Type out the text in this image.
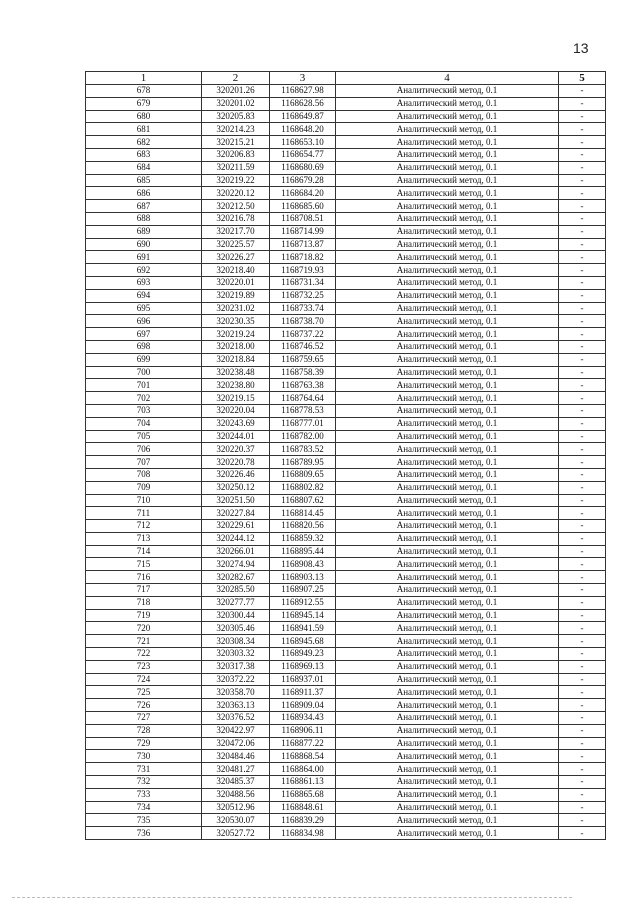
13
1	2	3	4	5
678	320201.26	1168627.98	Аналитический метод, 0.1	-
679	320201.02	1168628.56	Аналитический метод, 0.1	-
680	320205.83	1168649.87	Аналитический метод, 0.1	-
681	320214.23	1168648.20	Аналитический метод, 0.1	-
682	320215.21	1168653.10	Аналитический метод, 0.1	-
683	320206.83	1168654.77	Аналитический метод, 0.1	-
684	320211.59	1168680.69	Аналитический метод, 0.1	-
685	320219.22	1168679.28	Аналитический метод, 0.1	-
686	320220.12	1168684.20	Аналитический метод, 0.1	-
687	320212.50	1168685.60	Аналитический метод, 0.1	-
688	320216.78	1168708.51	Аналитический метод, 0.1	-
689	320217.70	1168714.99	Аналитический метод, 0.1	-
690	320225.57	1168713.87	Аналитический метод, 0.1	-
691	320226.27	1168718.82	Аналитический метод, 0.1	-
692	320218.40	1168719.93	Аналитический метод, 0.1	-
693	320220.01	1168731.34	Аналитический метод, 0.1	-
694	320219.89	1168732.25	Аналитический метод, 0.1	-
695	320231.02	1168733.74	Аналитический метод, 0.1	-
696	320230.35	1168738.70	Аналитический метод, 0.1	-
697	320219.24	1168737.22	Аналитический метод, 0.1	-
698	320218.00	1168746.52	Аналитический метод, 0.1	-
699	320218.84	1168759.65	Аналитический метод, 0.1	-
700	320238.48	1168758.39	Аналитический метод, 0.1	-
701	320238.80	1168763.38	Аналитический метод, 0.1	-
702	320219.15	1168764.64	Аналитический метод, 0.1	-
703	320220.04	1168778.53	Аналитический метод, 0.1	-
704	320243.69	1168777.01	Аналитический метод, 0.1	-
705	320244.01	1168782.00	Аналитический метод, 0.1	-
706	320220.37	1168783.52	Аналитический метод, 0.1	-
707	320220.78	1168789.95	Аналитический метод, 0.1	-
708	320226.46	1168809.65	Аналитический метод, 0.1	-
709	320250.12	1168802.82	Аналитический метод, 0.1	-
710	320251.50	1168807.62	Аналитический метод, 0.1	-
711	320227.84	1168814.45	Аналитический метод, 0.1	-
712	320229.61	1168820.56	Аналитический метод, 0.1	-
713	320244.12	1168859.32	Аналитический метод, 0.1	-
714	320266.01	1168895.44	Аналитический метод, 0.1	-
715	320274.94	1168908.43	Аналитический метод, 0.1	-
716	320282.67	1168903.13	Аналитический метод, 0.1	-
717	320285.50	1168907.25	Аналитический метод, 0.1	-
718	320277.77	1168912.55	Аналитический метод, 0.1	-
719	320300.44	1168945.14	Аналитический метод, 0.1	-
720	320305.46	1168941.59	Аналитический метод, 0.1	-
721	320308.34	1168945.68	Аналитический метод, 0.1	-
722	320303.32	1168949.23	Аналитический метод, 0.1	-
723	320317.38	1168969.13	Аналитический метод, 0.1	-
724	320372.22	1168937.01	Аналитический метод, 0.1	-
725	320358.70	1168911.37	Аналитический метод, 0.1	-
726	320363.13	1168909.04	Аналитический метод, 0.1	-
727	320376.52	1168934.43	Аналитический метод, 0.1	-
728	320422.97	1168906.11	Аналитический метод, 0.1	-
729	320472.06	1168877.22	Аналитический метод, 0.1	-
730	320484.46	1168868.54	Аналитический метод, 0.1	-
731	320481.27	1168864.00	Аналитический метод, 0.1	-
732	320485.37	1168861.13	Аналитический метод, 0.1	-
733	320488.56	1168865.68	Аналитический метод, 0.1	-
734	320512.96	1168848.61	Аналитический метод, 0.1	-
735	320530.07	1168839.29	Аналитический метод, 0.1	-
736	320527.72	1168834.98	Аналитический метод, 0.1	-
